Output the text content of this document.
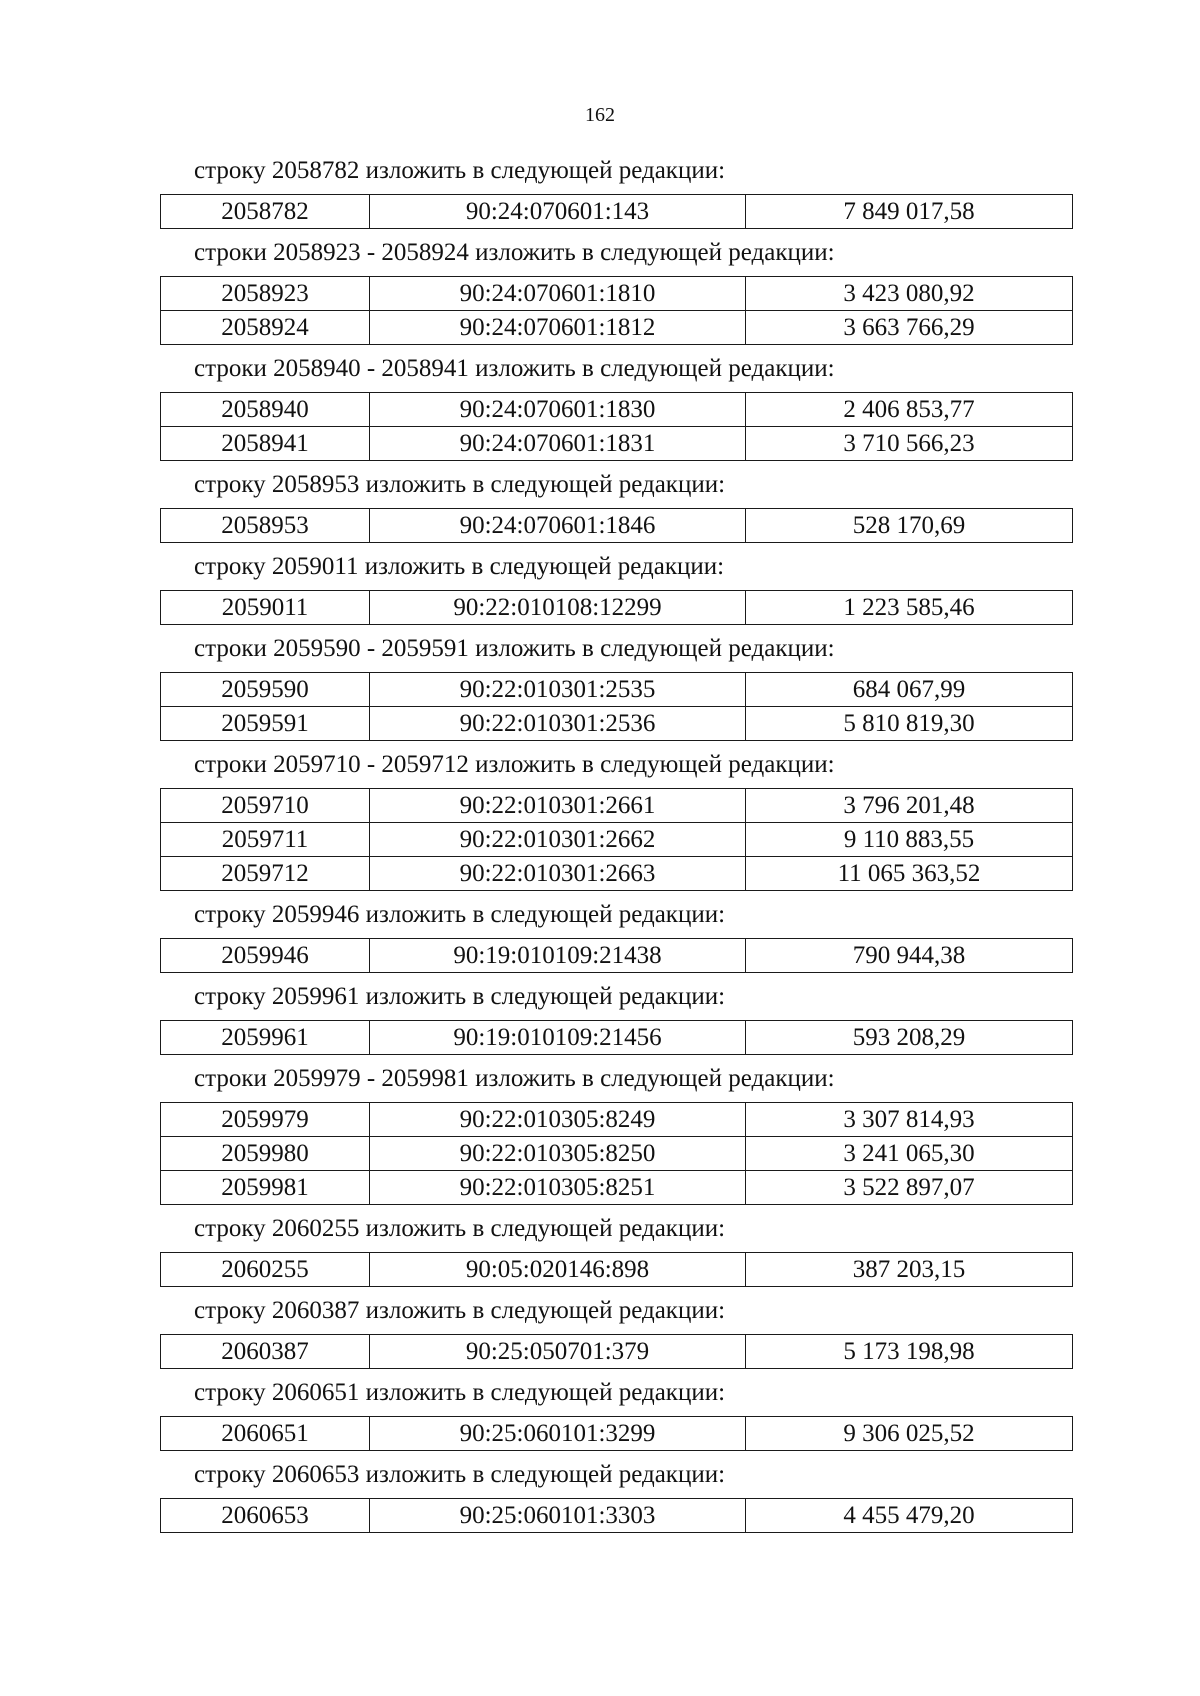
162
строку 2058782 изложить в следующей редакции:
2058782	90:24:070601:143	7 849 017,58
строки 2058923 - 2058924 изложить в следующей редакции:
2058923	90:24:070601:1810	3 423 080,92
2058924	90:24:070601:1812	3 663 766,29
строки 2058940 - 2058941 изложить в следующей редакции:
2058940	90:24:070601:1830	2 406 853,77
2058941	90:24:070601:1831	3 710 566,23
строку 2058953 изложить в следующей редакции:
2058953	90:24:070601:1846	528 170,69
строку 2059011 изложить в следующей редакции:
2059011	90:22:010108:12299	1 223 585,46
строки 2059590 - 2059591 изложить в следующей редакции:
2059590	90:22:010301:2535	684 067,99
2059591	90:22:010301:2536	5 810 819,30
строки 2059710 - 2059712 изложить в следующей редакции:
2059710	90:22:010301:2661	3 796 201,48
2059711	90:22:010301:2662	9 110 883,55
2059712	90:22:010301:2663	11 065 363,52
строку 2059946 изложить в следующей редакции:
2059946	90:19:010109:21438	790 944,38
строку 2059961 изложить в следующей редакции:
2059961	90:19:010109:21456	593 208,29
строки 2059979 - 2059981 изложить в следующей редакции:
2059979	90:22:010305:8249	3 307 814,93
2059980	90:22:010305:8250	3 241 065,30
2059981	90:22:010305:8251	3 522 897,07
строку 2060255 изложить в следующей редакции:
2060255	90:05:020146:898	387 203,15
строку 2060387 изложить в следующей редакции:
2060387	90:25:050701:379	5 173 198,98
строку 2060651 изложить в следующей редакции:
2060651	90:25:060101:3299	9 306 025,52
строку 2060653 изложить в следующей редакции:
2060653	90:25:060101:3303	4 455 479,20
